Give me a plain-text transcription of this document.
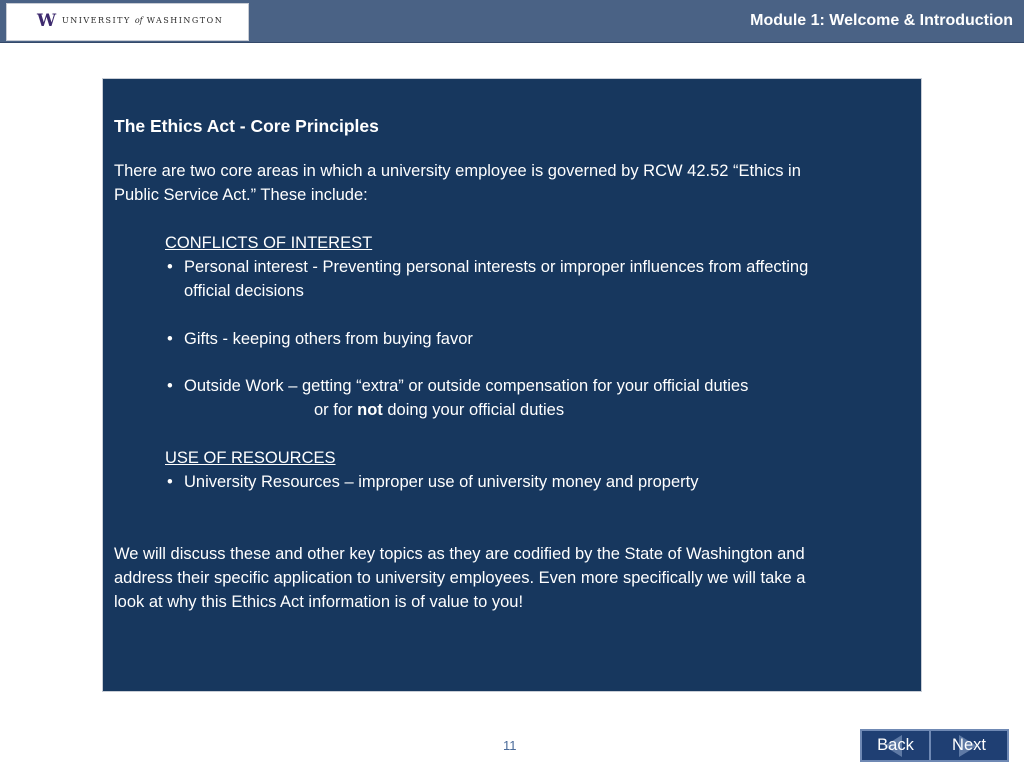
W UNIVERSITY of WASHINGTON	Module 1: Welcome & Introduction
The Ethics Act - Core Principles
There are two core areas in which a university employee is governed by RCW 42.52 “Ethics in
Public Service Act.” These include:
CONFLICTS OF INTEREST
• Personal interest - Preventing personal interests or improper influences from affecting
official decisions
• Gifts - keeping others from buying favor
• Outside Work – getting “extra” or outside compensation for your official duties
or for not doing your official duties
USE OF RESOURCES
• University Resources – improper use of university money and property
We will discuss these and other key topics as they are codified by the State of Washington and
address their specific application to university employees. Even more specifically we will take a
look at why this Ethics Act information is of value to you!
11	Back	Next
